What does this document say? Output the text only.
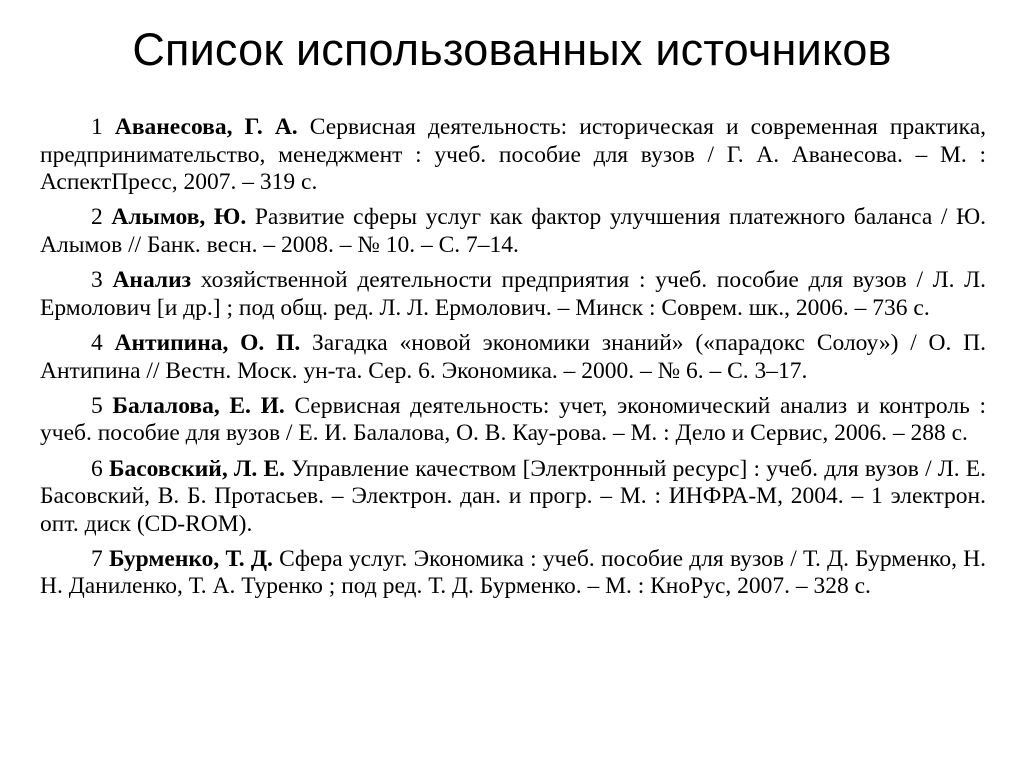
Список использованных источников
1 Аванесова, Г. А. Сервисная деятельность: историческая и современная практика, предпринимательство, менеджмент : учеб. пособие для вузов / Г. А. Аванесова. – М. : АспектПресс, 2007. – 319 с.
2 Алымов, Ю. Развитие сферы услуг как фактор улучшения платежного баланса / Ю. Алымов // Банк. весн. – 2008. – № 10. – С. 7–14.
3 Анализ хозяйственной деятельности предприятия : учеб. пособие для вузов / Л. Л. Ермолович [и др.] ; под общ. ред. Л. Л. Ермолович. – Минск : Соврем. шк., 2006. – 736 с.
4 Антипина, О. П. Загадка «новой экономики знаний» («парадокс Солоу») / О. П. Антипина // Вестн. Моск. ун-та. Сер. 6. Экономика. – 2000. – № 6. – С. 3–17.
5 Балалова, Е. И. Сервисная деятельность: учет, экономический анализ и контроль : учеб. пособие для вузов / Е. И. Балалова, О. В. Кау-рова. – М. : Дело и Сервис, 2006. – 288 с.
6 Басовский, Л. Е. Управление качеством [Электронный ресурс] : учеб. для вузов / Л. Е. Басовский, В. Б. Протасьев. – Электрон. дан. и прогр. – М. : ИНФРА-М, 2004. – 1 электрон. опт. диск (CD-ROM).
7 Бурменко, Т. Д. Сфера услуг. Экономика : учеб. пособие для вузов / Т. Д. Бурменко, Н. Н. Даниленко, Т. А. Туренко ; под ред. Т. Д. Бурменко. – М. : КноРус, 2007. – 328 с.
